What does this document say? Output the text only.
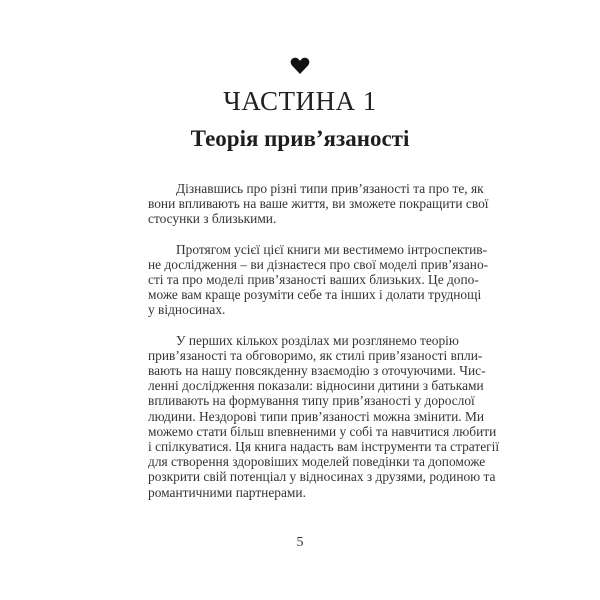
ЧАСТИНА 1
Теорія прив’язаності
Дізнавшись про різні типи прив’язаності та про те, як
вони впливають на ваше життя, ви зможете покращити свої
стосунки з близькими.
Протягом усієї цієї книги ми вестимемо інтроспектив-
не дослідження – ви дізнаєтеся про свої моделі прив’язано-
сті та про моделі прив’язаності ваших близьких. Це допо-
може вам краще розуміти себе та інших і долати труднощі
у відносинах.
У перших кількох розділах ми розглянемо теорію
прив’язаності та обговоримо, як стилі прив’язаності впли-
вають на нашу повсякденну взаємодію з оточуючими. Чис-
ленні дослідження показали: відносини дитини з батьками
впливають на формування типу прив’язаності у дорослої
людини. Нездорові типи прив’язаності можна змінити. Ми
можемо стати більш впевненими у собі та навчитися любити
і спілкуватися. Ця книга надасть вам інструменти та стратегії
для створення здоровіших моделей поведінки та допоможе
розкрити свій потенціал у відносинах з друзями, родиною та
романтичними партнерами.
5
